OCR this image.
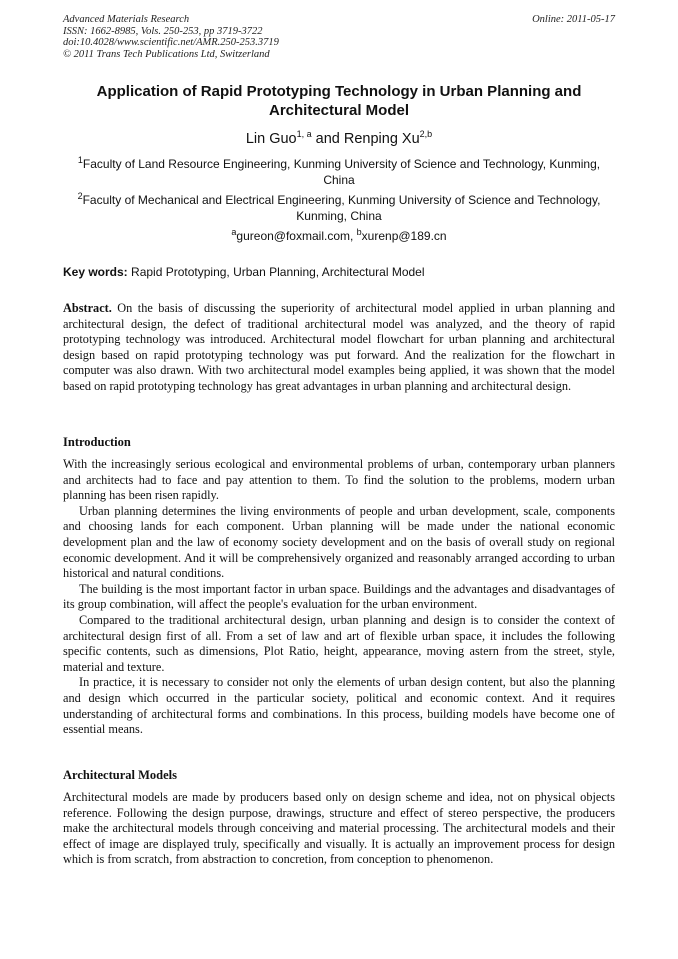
Advanced Materials Research
ISSN: 1662-8985, Vols. 250-253, pp 3719-3722
doi:10.4028/www.scientific.net/AMR.250-253.3719
© 2011 Trans Tech Publications Ltd, Switzerland
Online: 2011-05-17
Application of Rapid Prototyping Technology in Urban Planning and Architectural Model
Lin Guo$^{1, a}$ and Renping Xu$^{2,b}$
$^1$Faculty of Land Resource Engineering, Kunming University of Science and Technology, Kunming, China
$^2$Faculty of Mechanical and Electrical Engineering, Kunming University of Science and Technology, Kunming, China
$^a$gureon@foxmail.com, $^b$xurenp@189.cn
Key words: Rapid Prototyping, Urban Planning, Architectural Model
Abstract. On the basis of discussing the superiority of architectural model applied in urban planning and architectural design, the defect of traditional architectural model was analyzed, and the theory of rapid prototyping technology was introduced. Architectural model flowchart for urban planning and architectural design based on rapid prototyping technology was put forward. And the realization for the flowchart in computer was also drawn. With two architectural model examples being applied, it was shown that the model based on rapid prototyping technology has great advantages in urban planning and architectural design.
Introduction

With the increasingly serious ecological and environmental problems of urban, contemporary urban planners and architects had to face and pay attention to them. To find the solution to the problems, modern urban planning has been risen rapidly.

Urban planning determines the living environments of people and urban development, scale, components and choosing lands for each component. Urban planning will be made under the national economic development plan and the law of economy society development and on the basis of overall study on regional economic development. And it will be comprehensively organized and reasonably arranged according to urban historical and natural conditions.

The building is the most important factor in urban space. Buildings and the advantages and disadvantages of its group combination, will affect the people's evaluation for the urban environment.

Compared to the traditional architectural design, urban planning and design is to consider the context of architectural design first of all. From a set of law and art of flexible urban space, it includes the following specific contents, such as dimensions, Plot Ratio, height, appearance, moving astern from the street, style, material and texture.

In practice, it is necessary to consider not only the elements of urban design content, but also the planning and design which occurred in the particular society, political and economic context. And it requires understanding of architectural forms and combinations. In this process, building models have become one of essential means.

Architectural Models

Architectural models are made by producers based only on design scheme and idea, not on physical objects reference. Following the design purpose, drawings, structure and effect of stereo perspective, the producers make the architectural models through conceiving and material processing. The architectural models and their effect of image are displayed truly, specifically and visually. It is actually an improvement process for design which is from scratch, from abstraction to concretion, from conception to phenomenon.
